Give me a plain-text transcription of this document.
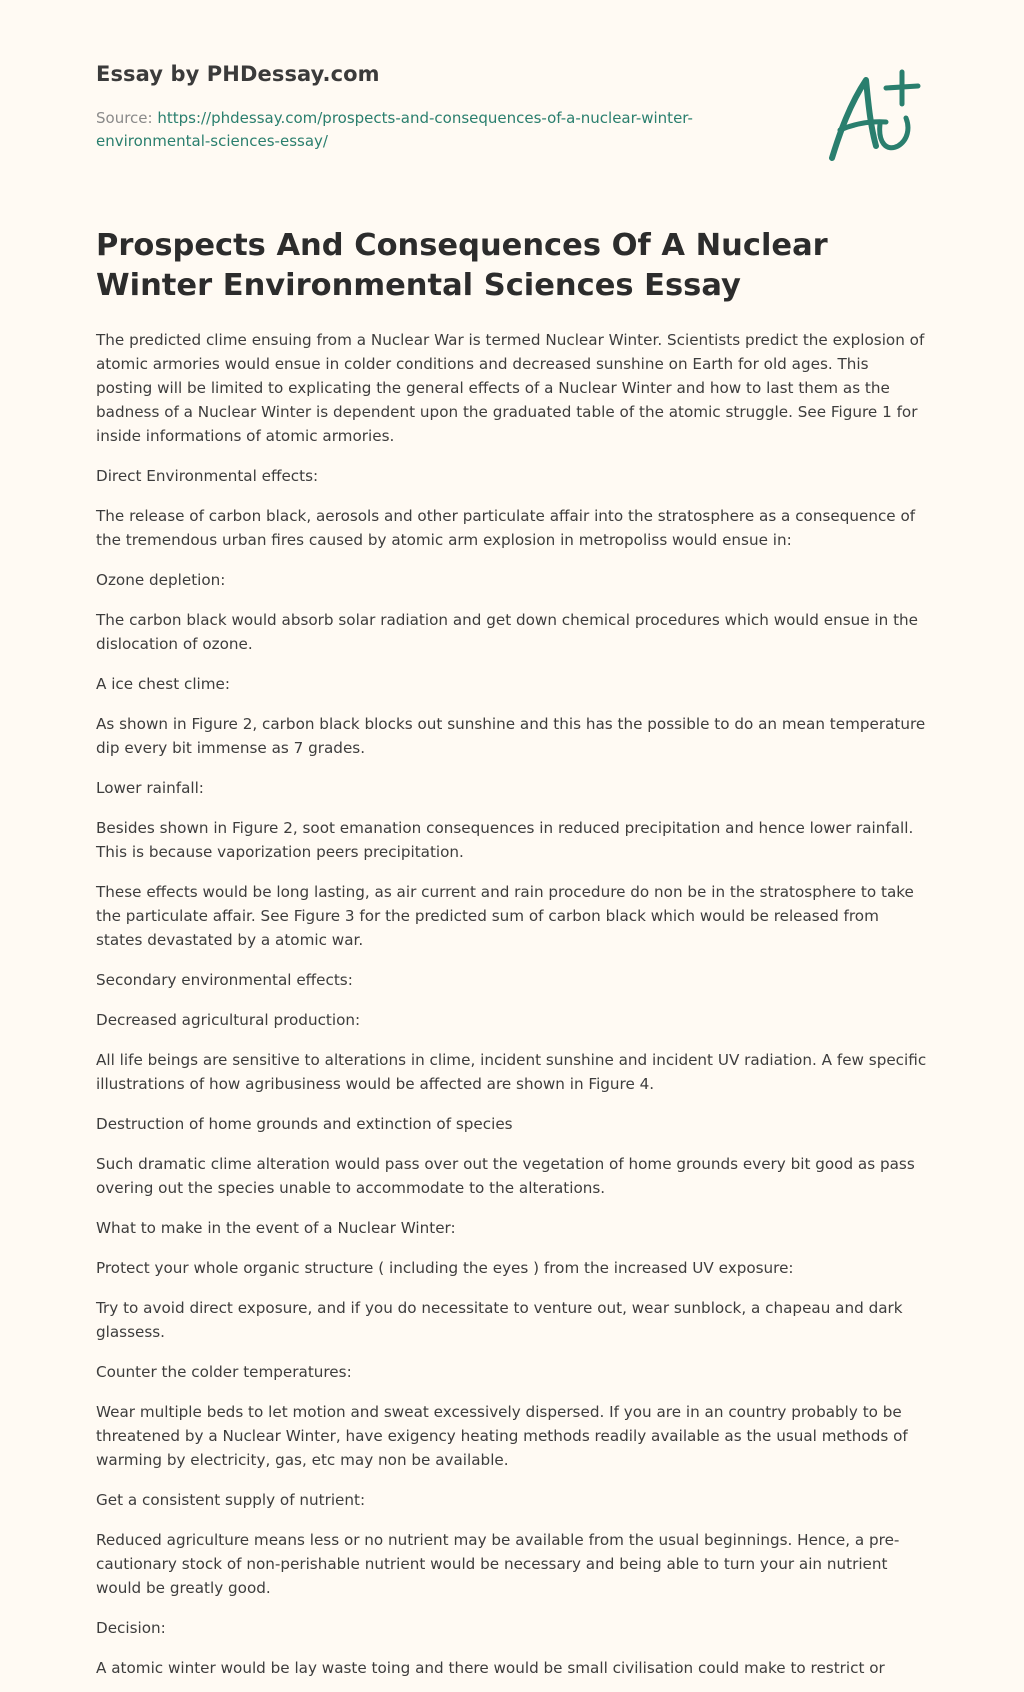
Essay by PHDessay.com
Source: https://phdessay.com/prospects-and-consequences-of-a-nuclear-winter-environmental-sciences-essay/
Prospects And Consequences Of A Nuclear Winter Environmental Sciences Essay

The predicted clime ensuing from a Nuclear War is termed Nuclear Winter. Scientists predict the explosion of atomic armories would ensue in colder conditions and decreased sunshine on Earth for old ages. This posting will be limited to explicating the general effects of a Nuclear Winter and how to last them as the badness of a Nuclear Winter is dependent upon the graduated table of the atomic struggle. See Figure 1 for inside informations of atomic armories.

Direct Environmental effects:

The release of carbon black, aerosols and other particulate affair into the stratosphere as a consequence of the tremendous urban fires caused by atomic arm explosion in metropoliss would ensue in:

Ozone depletion:

The carbon black would absorb solar radiation and get down chemical procedures which would ensue in the dislocation of ozone.

A ice chest clime:

As shown in Figure 2, carbon black blocks out sunshine and this has the possible to do an mean temperature dip every bit immense as 7 grades.

Lower rainfall:

Besides shown in Figure 2, soot emanation consequences in reduced precipitation and hence lower rainfall. This is because vaporization peers precipitation.

These effects would be long lasting, as air current and rain procedure do non be in the stratosphere to take the particulate affair. See Figure 3 for the predicted sum of carbon black which would be released from states devastated by a atomic war.

Secondary environmental effects:

Decreased agricultural production:

All life beings are sensitive to alterations in clime, incident sunshine and incident UV radiation. A few specific illustrations of how agribusiness would be affected are shown in Figure 4.

Destruction of home grounds and extinction of species

Such dramatic clime alteration would pass over out the vegetation of home grounds every bit good as pass overing out the species unable to accommodate to the alterations.

What to make in the event of a Nuclear Winter:

Protect your whole organic structure ( including the eyes ) from the increased UV exposure:

Try to avoid direct exposure, and if you do necessitate to venture out, wear sunblock, a chapeau and dark glassess.

Counter the colder temperatures:

Wear multiple beds to let motion and sweat excessively dispersed. If you are in an country probably to be threatened by a Nuclear Winter, have exigency heating methods readily available as the usual methods of warming by electricity, gas, etc may non be available.

Get a consistent supply of nutrient:

Reduced agriculture means less or no nutrient may be available from the usual beginnings. Hence, a pre-cautionary stock of non-perishable nutrient would be necessary and being able to turn your ain nutrient would be greatly good.

Decision:

A atomic winter would be lay waste toing and there would be small civilisation could make to restrict or
